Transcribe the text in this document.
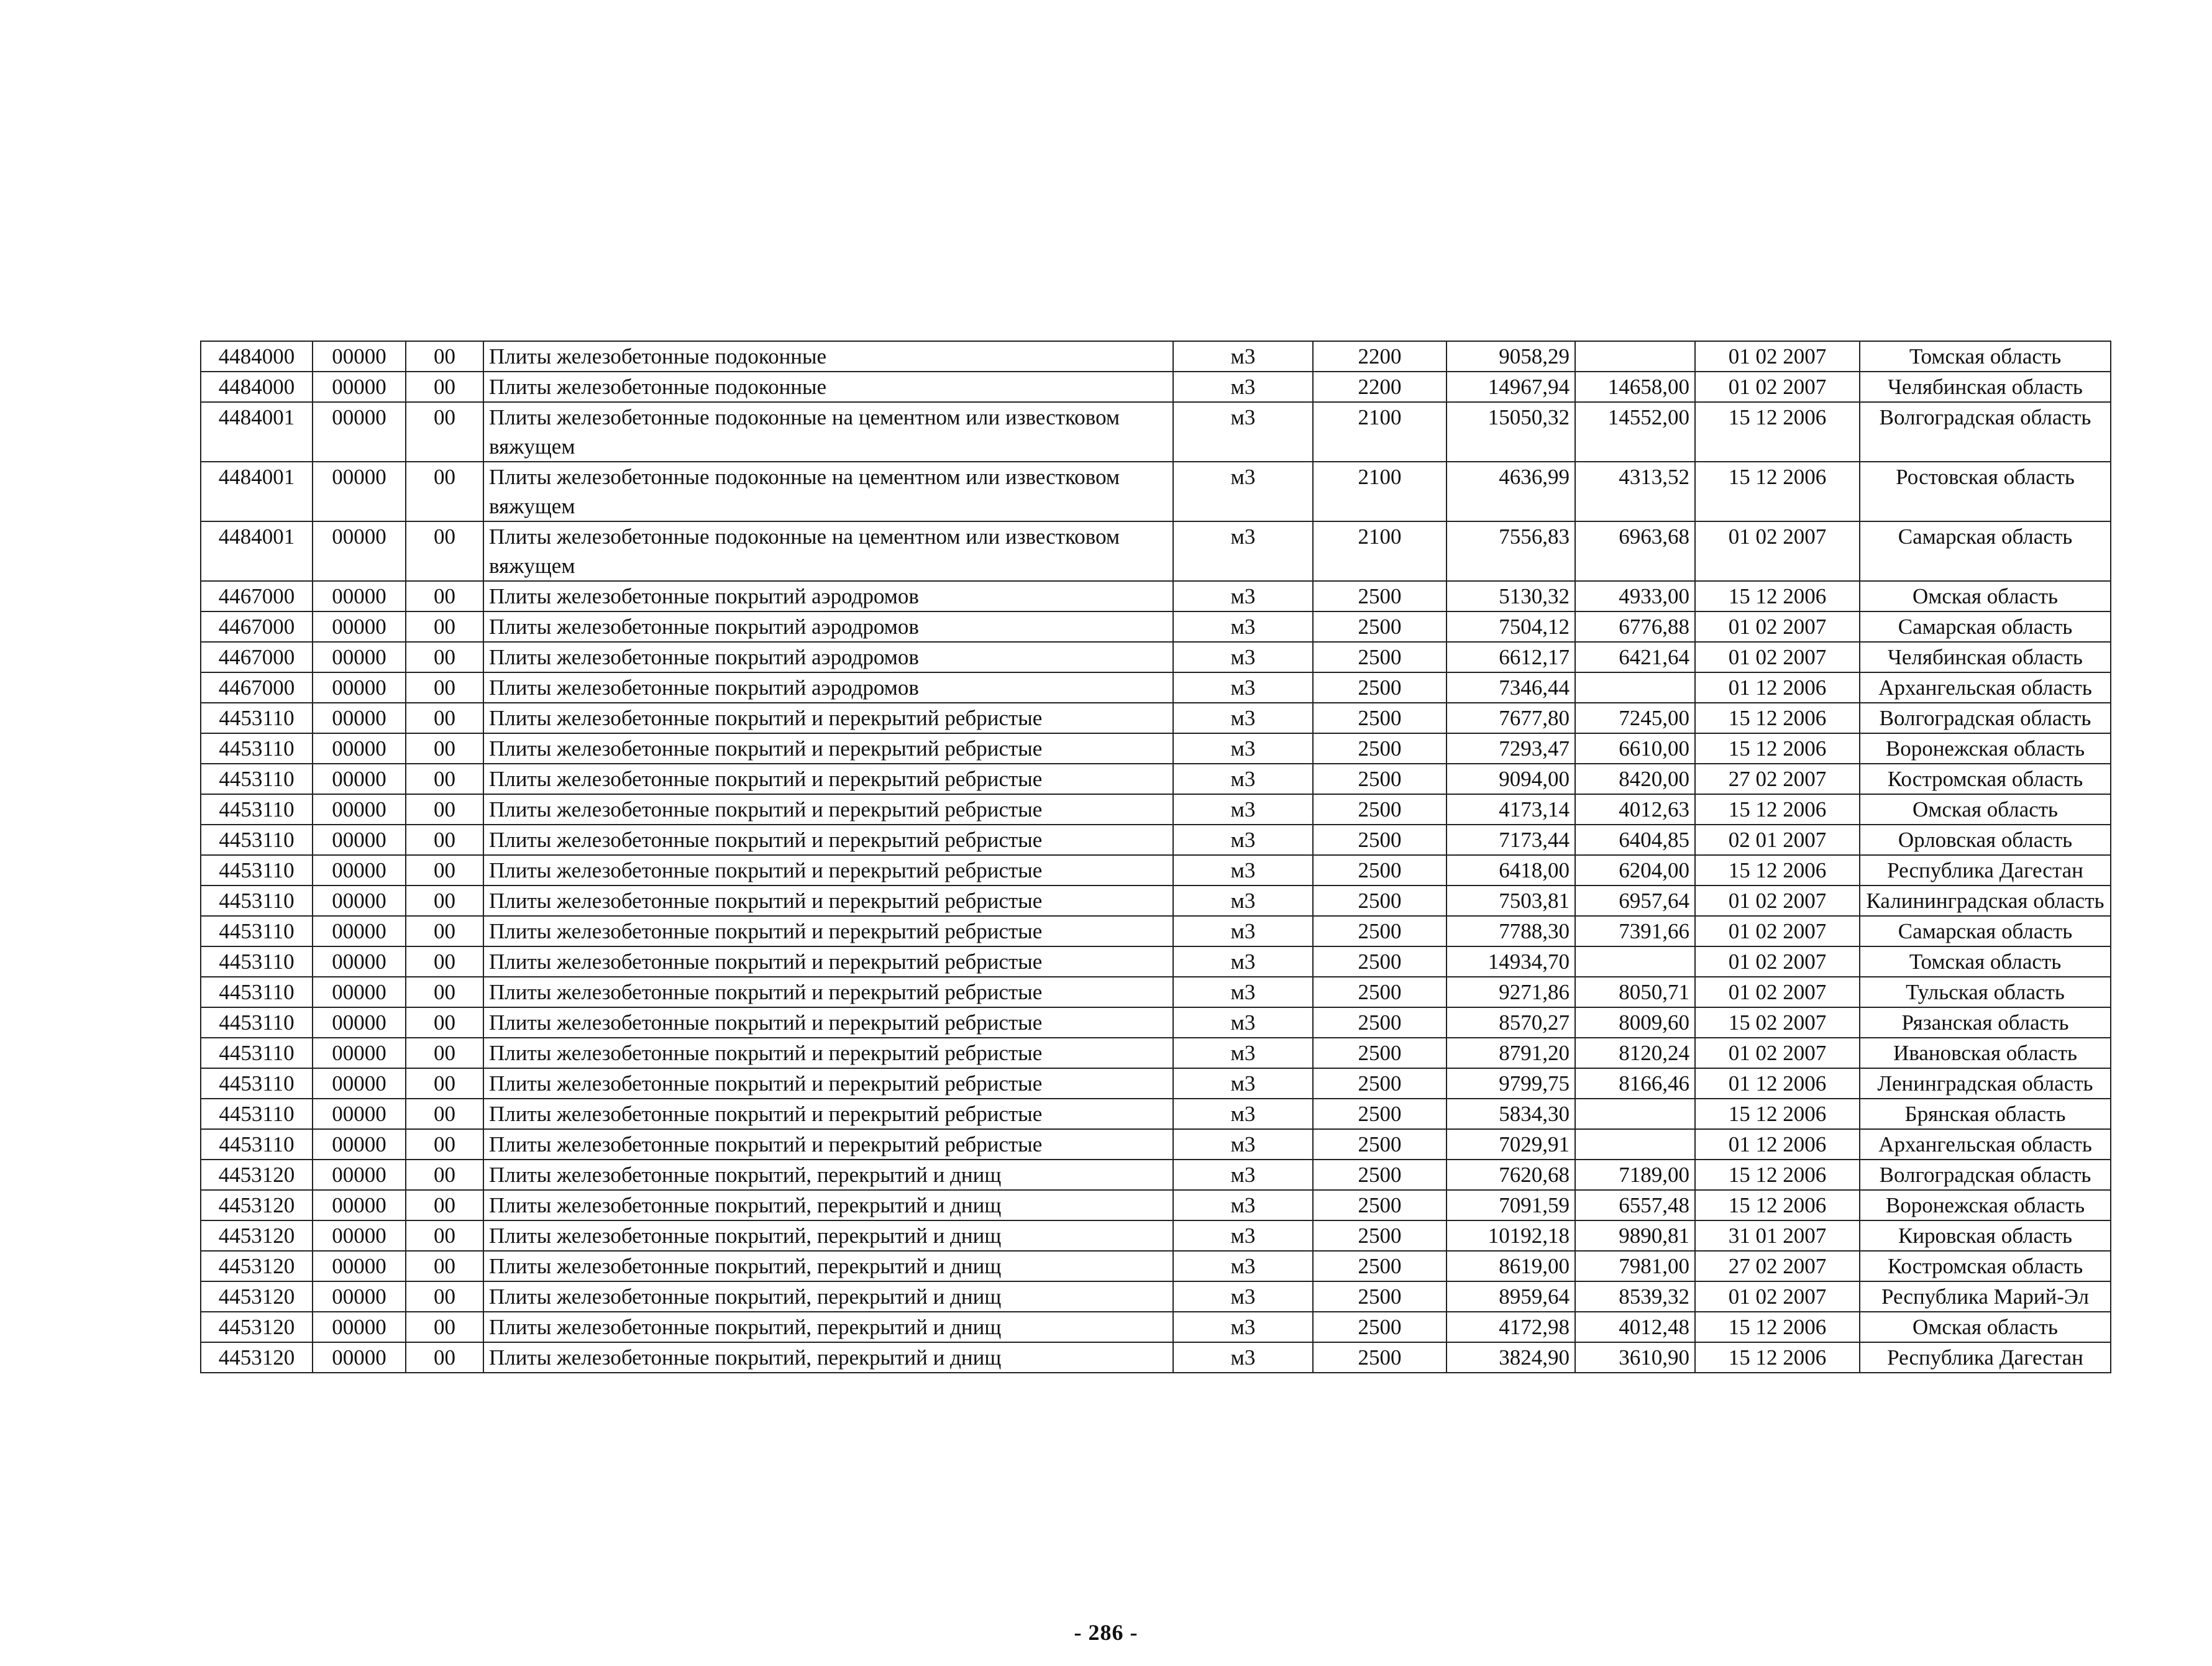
4484000	00000	00	Плиты железобетонные подоконные	м3	2200	9058,29		01 02 2007	Томская область
4484000	00000	00	Плиты железобетонные подоконные	м3	2200	14967,94	14658,00	01 02 2007	Челябинская область
4484001	00000	00	Плиты железобетонные подоконные на цементном или известковом вяжущем	м3	2100	15050,32	14552,00	15 12 2006	Волгоградская область
4484001	00000	00	Плиты железобетонные подоконные на цементном или известковом вяжущем	м3	2100	4636,99	4313,52	15 12 2006	Ростовская область
4484001	00000	00	Плиты железобетонные подоконные на цементном или известковом вяжущем	м3	2100	7556,83	6963,68	01 02 2007	Самарская область
4467000	00000	00	Плиты железобетонные покрытий аэродромов	м3	2500	5130,32	4933,00	15 12 2006	Омская область
4467000	00000	00	Плиты железобетонные покрытий аэродромов	м3	2500	7504,12	6776,88	01 02 2007	Самарская область
4467000	00000	00	Плиты железобетонные покрытий аэродромов	м3	2500	6612,17	6421,64	01 02 2007	Челябинская область
4467000	00000	00	Плиты железобетонные покрытий аэродромов	м3	2500	7346,44		01 12 2006	Архангельская область
4453110	00000	00	Плиты железобетонные покрытий и перекрытий ребристые	м3	2500	7677,80	7245,00	15 12 2006	Волгоградская область
4453110	00000	00	Плиты железобетонные покрытий и перекрытий ребристые	м3	2500	7293,47	6610,00	15 12 2006	Воронежская область
4453110	00000	00	Плиты железобетонные покрытий и перекрытий ребристые	м3	2500	9094,00	8420,00	27 02 2007	Костромская область
4453110	00000	00	Плиты железобетонные покрытий и перекрытий ребристые	м3	2500	4173,14	4012,63	15 12 2006	Омская область
4453110	00000	00	Плиты железобетонные покрытий и перекрытий ребристые	м3	2500	7173,44	6404,85	02 01 2007	Орловская область
4453110	00000	00	Плиты железобетонные покрытий и перекрытий ребристые	м3	2500	6418,00	6204,00	15 12 2006	Республика Дагестан
4453110	00000	00	Плиты железобетонные покрытий и перекрытий ребристые	м3	2500	7503,81	6957,64	01 02 2007	Калининградская область
4453110	00000	00	Плиты железобетонные покрытий и перекрытий ребристые	м3	2500	7788,30	7391,66	01 02 2007	Самарская область
4453110	00000	00	Плиты железобетонные покрытий и перекрытий ребристые	м3	2500	14934,70		01 02 2007	Томская область
4453110	00000	00	Плиты железобетонные покрытий и перекрытий ребристые	м3	2500	9271,86	8050,71	01 02 2007	Тульская область
4453110	00000	00	Плиты железобетонные покрытий и перекрытий ребристые	м3	2500	8570,27	8009,60	15 02 2007	Рязанская область
4453110	00000	00	Плиты железобетонные покрытий и перекрытий ребристые	м3	2500	8791,20	8120,24	01 02 2007	Ивановская область
4453110	00000	00	Плиты железобетонные покрытий и перекрытий ребристые	м3	2500	9799,75	8166,46	01 12 2006	Ленинградская область
4453110	00000	00	Плиты железобетонные покрытий и перекрытий ребристые	м3	2500	5834,30		15 12 2006	Брянская область
4453110	00000	00	Плиты железобетонные покрытий и перекрытий ребристые	м3	2500	7029,91		01 12 2006	Архангельская область
4453120	00000	00	Плиты железобетонные покрытий, перекрытий и днищ	м3	2500	7620,68	7189,00	15 12 2006	Волгоградская область
4453120	00000	00	Плиты железобетонные покрытий, перекрытий и днищ	м3	2500	7091,59	6557,48	15 12 2006	Воронежская область
4453120	00000	00	Плиты железобетонные покрытий, перекрытий и днищ	м3	2500	10192,18	9890,81	31 01 2007	Кировская область
4453120	00000	00	Плиты железобетонные покрытий, перекрытий и днищ	м3	2500	8619,00	7981,00	27 02 2007	Костромская область
4453120	00000	00	Плиты железобетонные покрытий, перекрытий и днищ	м3	2500	8959,64	8539,32	01 02 2007	Республика Марий-Эл
4453120	00000	00	Плиты железобетонные покрытий, перекрытий и днищ	м3	2500	4172,98	4012,48	15 12 2006	Омская область
4453120	00000	00	Плиты железобетонные покрытий, перекрытий и днищ	м3	2500	3824,90	3610,90	15 12 2006	Республика Дагестан
- 286 -
